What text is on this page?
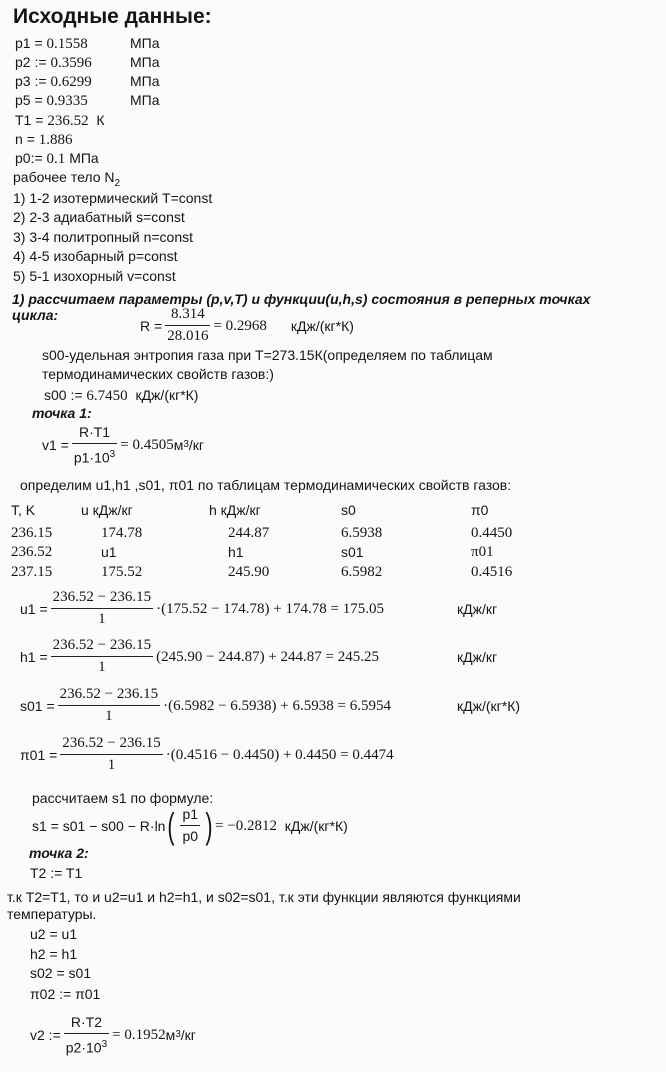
Исходные данные:
p1 = 0.1558	МПа
p2 := 0.3596	МПа
p3 := 0.6299	МПа
p5 = 0.9335	МПа
T1 = 236.52 К
n = 1.886
p0:= 0.1 МПа
рабочее тело $N_2$
1) 1-2 изотермический T=const
2) 2-3 адиабатный s=const
3) 3-4 политропный n=const
4) 4-5 изобарный p=const
5) 5-1 изохорный v=const
1) рассчитаем параметры (p,v,T) и функции(u,h,s) состояния в реперных точках
цикла:
$R = \frac{8.314}{28.016} = 0.2968$ кДж/(кг*К)
s00-удельная энтропия газа при T=273.15К(определяем по таблицам
термодинамических свойств газов:)
s00 := 6.7450 кДж/(кг*К)
точка 1:
$v1 = \frac{R\cdot T1}{p1\cdot 10^3} = 0.4505$ м 3 /кг
определим u1,h1 ,s01, π01 по таблицам термодинамических свойств газов:
T, K	u кДж/кг	h кДж/кг	s0	π0
236.15	174.78	244.87	6.5938	0.4450
236.52	u1	h1	s01	π01
237.15	175.52	245.90	6.5982	0.4516
$u1 = \frac{236.52 - 236.15}{1} \cdot(175.52 - 174.78) + 174.78 = 175.05$	кДж/кг
$h1 = \frac{236.52 - 236.15}{1} (245.90 - 244.87) + 244.87 = 245.25$	кДж/кг
$s01 = \frac{236.52 - 236.15}{1} \cdot(6.5982 - 6.5938) + 6.5938 = 6.5954$	кДж/(кг*К)
$\pi 01 = \frac{236.52 - 236.15}{1} \cdot(0.4516 - 0.4450) + 0.4450 = 0.4474$
рассчитаем s1 по формуле:
s1 = s01 − s00 − R·ln ( $\frac{p1}{p0}$ ) = −0.2812
кДж/(кг*К)
точка 2:
T2 := T1
т.к T2=T1, то и u2=u1 и h2=h1, и s02=s01, т.к эти функции являются функциями
температуры.
u2 = u1
h2 = h1
s02 = s01
π02 := π01
v2 := $\frac{R\cdot T2}{p2\cdot 10^3} = 0.1952$ м 3 /кг
